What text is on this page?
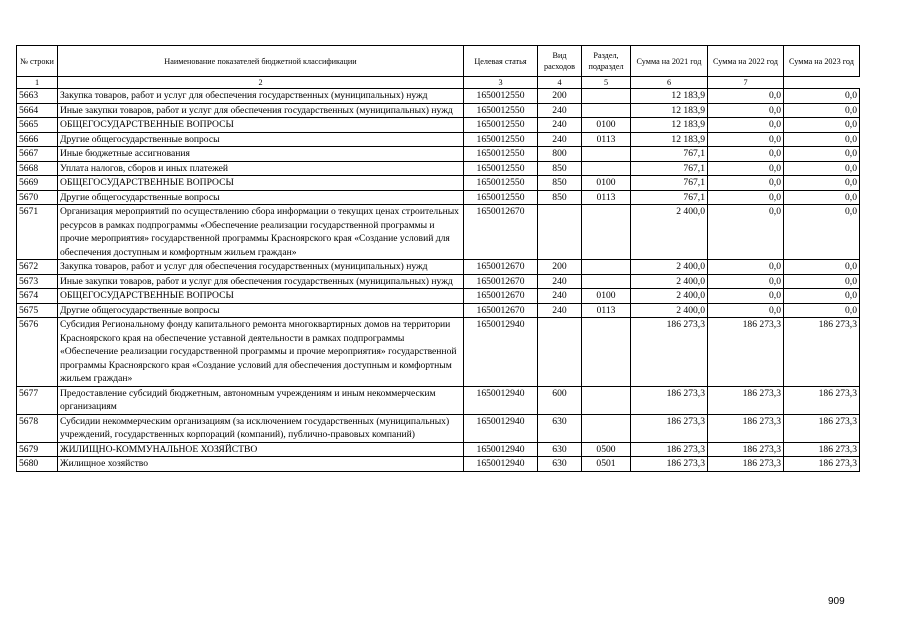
№ строки	Наименование показателей бюджетной классификации	Целевая статья	Вид расходов	Раздел, подраздел	Сумма на 2021 год	Сумма на 2022 год	Сумма на 2023 год
1	2	3	4	5	6	7	
5663	Закупка товаров, работ и услуг для обеспечения государственных (муниципальных) нужд	1650012550	200		12 183,9	0,0	0,0
5664	Иные закупки товаров, работ и услуг для обеспечения государственных (муниципальных) нужд	1650012550	240		12 183,9	0,0	0,0
5665	ОБЩЕГОСУДАРСТВЕННЫЕ ВОПРОСЫ	1650012550	240	0100	12 183,9	0,0	0,0
5666	Другие общегосударственные вопросы	1650012550	240	0113	12 183,9	0,0	0,0
5667	Иные бюджетные ассигнования	1650012550	800		767,1	0,0	0,0
5668	Уплата налогов, сборов и иных платежей	1650012550	850		767,1	0,0	0,0
5669	ОБЩЕГОСУДАРСТВЕННЫЕ ВОПРОСЫ	1650012550	850	0100	767,1	0,0	0,0
5670	Другие общегосударственные вопросы	1650012550	850	0113	767,1	0,0	0,0
5671	Организация мероприятий по осуществлению сбора информации о текущих ценах строительных ресурсов в рамках подпрограммы «Обеспечение реализации государственной программы и прочие мероприятия» государственной программы Красноярского края «Создание условий для обеспечения доступным и комфортным жильем граждан»	1650012670			2 400,0	0,0	0,0
5672	Закупка товаров, работ и услуг для обеспечения государственных (муниципальных) нужд	1650012670	200		2 400,0	0,0	0,0
5673	Иные закупки товаров, работ и услуг для обеспечения государственных (муниципальных) нужд	1650012670	240		2 400,0	0,0	0,0
5674	ОБЩЕГОСУДАРСТВЕННЫЕ ВОПРОСЫ	1650012670	240	0100	2 400,0	0,0	0,0
5675	Другие общегосударственные вопросы	1650012670	240	0113	2 400,0	0,0	0,0
5676	Субсидия Региональному фонду капитального ремонта многоквартирных домов на территории Красноярского края на обеспечение уставной деятельности в рамках подпрограммы «Обеспечение реализации государственной программы и прочие мероприятия» государственной программы Красноярского края «Создание условий для обеспечения доступным и комфортным жильем граждан»	1650012940			186 273,3	186 273,3	186 273,3
5677	Предоставление субсидий бюджетным, автономным учреждениям и иным некоммерческим организациям	1650012940	600		186 273,3	186 273,3	186 273,3
5678	Субсидии некоммерческим организациям (за исключением государственных (муниципальных) учреждений, государственных корпораций (компаний), публично-правовых компаний)	1650012940	630		186 273,3	186 273,3	186 273,3
5679	ЖИЛИЩНО-КОММУНАЛЬНОЕ ХОЗЯЙСТВО	1650012940	630	0500	186 273,3	186 273,3	186 273,3
5680	Жилищное хозяйство	1650012940	630	0501	186 273,3	186 273,3	186 273,3
909
